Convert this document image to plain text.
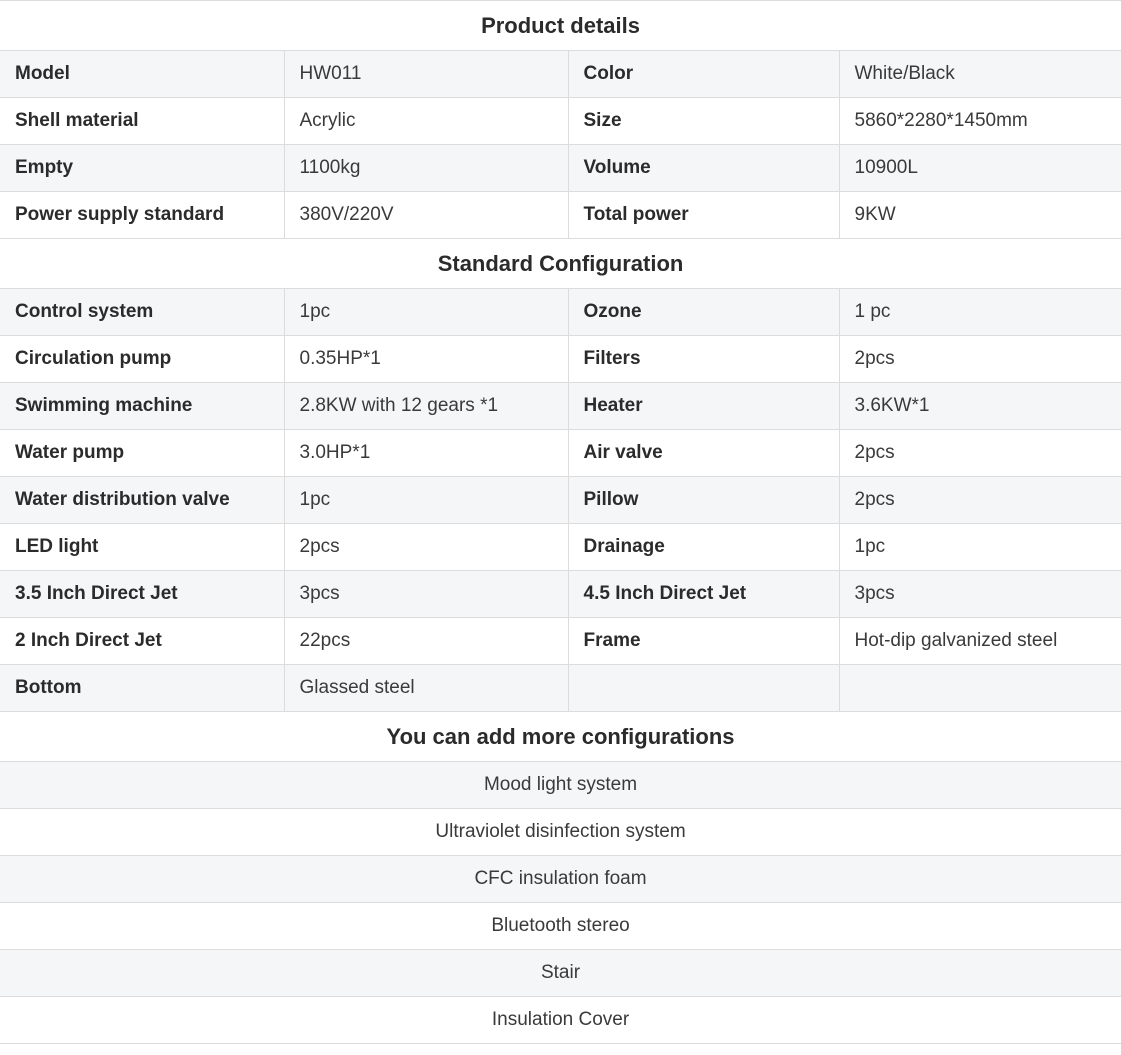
Product details			
Model	HW011	Color	White/Black
Shell material	Acrylic	Size	5860*2280*1450mm
Empty	1100kg	Volume	10900L
Power supply standard	380V/220V	Total power	9KW
Standard Configuration			
Control system	1pc	Ozone	1 pc
Circulation pump	0.35HP*1	Filters	2pcs
Swimming machine	2.8KW with 12 gears *1	Heater	3.6KW*1
Water pump	3.0HP*1	Air valve	2pcs
Water distribution valve	1pc	Pillow	2pcs
LED light	2pcs	Drainage	1pc
3.5 Inch Direct Jet	3pcs	4.5 Inch Direct Jet	3pcs
2 Inch Direct Jet	22pcs	Frame	Hot-dip galvanized steel
Bottom	Glassed steel		
You can add more configurations			
Mood light system			
Ultraviolet disinfection system			
CFC insulation foam			
Bluetooth stereo			
Stair			
Insulation Cover			
